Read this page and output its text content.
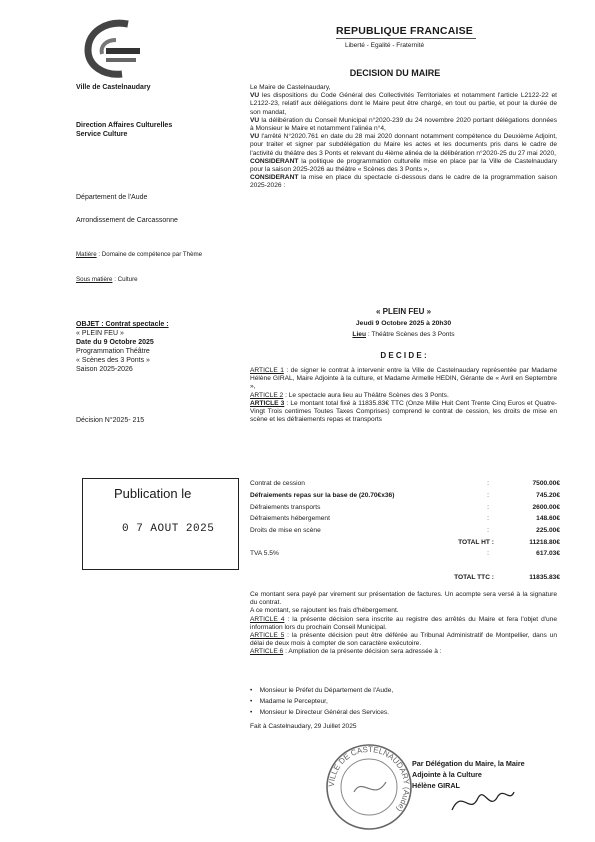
Ville de Castelnaudary
REPUBLIQUE FRANCAISE
Liberté - Egalité - Fraternité
DECISION DU MAIRE
Direction Affaires Culturelles
Service Culture
Département de l'Aude
Arrondissement de Carcassonne
Matière : Domaine de compétence par Thème
Sous matière : Culture
OBJET : Contrat spectacle :
« PLEIN FEU »
Date du 9 Octobre 2025
Programmation Théâtre
« Scènes des 3 Ponts »
Saison 2025-2026
Décision N°2025- 215
Publication le
0 7 AOUT 2025
Le Maire de Castelnaudary,
VU les dispositions du Code Général des Collectivités Territoriales et notamment l'article L2122-22 et L2122-23, relatif aux délégations dont le Maire peut être chargé, en tout ou partie, et pour la durée de son mandat,
VU la délibération du Conseil Municipal n°2020-239 du 24 novembre 2020 portant délégations données à Monsieur le Maire et notamment l'alinéa n°4,
VU l'arrêté N°2020.761 en date du 28 mai 2020 donnant notamment compétence du Deuxième Adjoint, pour traiter et signer par subdélégation du Maire les actes et les documents pris dans le cadre de l'activité du théâtre des 3 Ponts et relevant du 4ième alinéa de la délibération n°2020-25 du 27 mai 2020,
CONSIDERANT la politique de programmation culturelle mise en place par la Ville de Castelnaudary pour la saison 2025-2026 au théâtre « Scènes des 3 Ponts »,
CONSIDERANT la mise en place du spectacle ci-dessous dans le cadre de la programmation saison 2025-2026 :
« PLEIN FEU »
Jeudi 9 Octobre 2025 à 20h30
Lieu : Théâtre Scènes des 3 Ponts
D E C I D E :
ARTICLE 1 : de signer le contrat à intervenir entre la Ville de Castelnaudary représentée par Madame Hélène GIRAL, Maire Adjointe à la culture, et Madame Armelle HEDIN, Gérante de « Avril en Septembre »,
ARTICLE 2 : Le spectacle aura lieu au Théâtre Scènes des 3 Ponts.
ARTICLE 3 : Le montant total fixé à 11835.83€ TTC (Onze Mille Huit Cent Trente Cinq Euros et Quatre-Vingt Trois centimes Toutes Taxes Comprises) comprend le contrat de cession, les droits de mise en scène et les défraiements repas et transports
Contrat de cession	:	7500.00€
Défraiements repas sur la base de (20.70€x36)	:	745.20€
Défraiements transports	:	2600.00€
Défraiements hébergement	:	148.60€
Droits de mise en scène	:	225.00€
TOTAL HT :		11218.80€
TVA 5.5%	:	617.03€

TOTAL TTC :		11835.83€
Ce montant sera payé par virement sur présentation de factures. Un acompte sera versé à la signature du contrat.
A ce montant, se rajoutent les frais d'hébergement.
ARTICLE 4 : la présente décision sera inscrite au registre des arrêtés du Maire et fera l'objet d'une information lors du prochain Conseil Municipal.
ARTICLE 5 : la présente décision peut être déférée au Tribunal Administratif de Montpellier, dans un délai de deux mois à compter de son caractère exécutoire.
ARTICLE 6 : Ampliation de la présente décision sera adressée à :
•    Monsieur le Préfet du Département de l'Aude,
•    Madame le Percepteur,
•    Monsieur le Directeur Général des Services.
Fait à Castelnaudary, 29 Juillet 2025
VILLE DE CASTELNAUDARY (Aude)
Par Délégation du Maire, la Maire
Adjointe à la Culture
Hélène GIRAL
